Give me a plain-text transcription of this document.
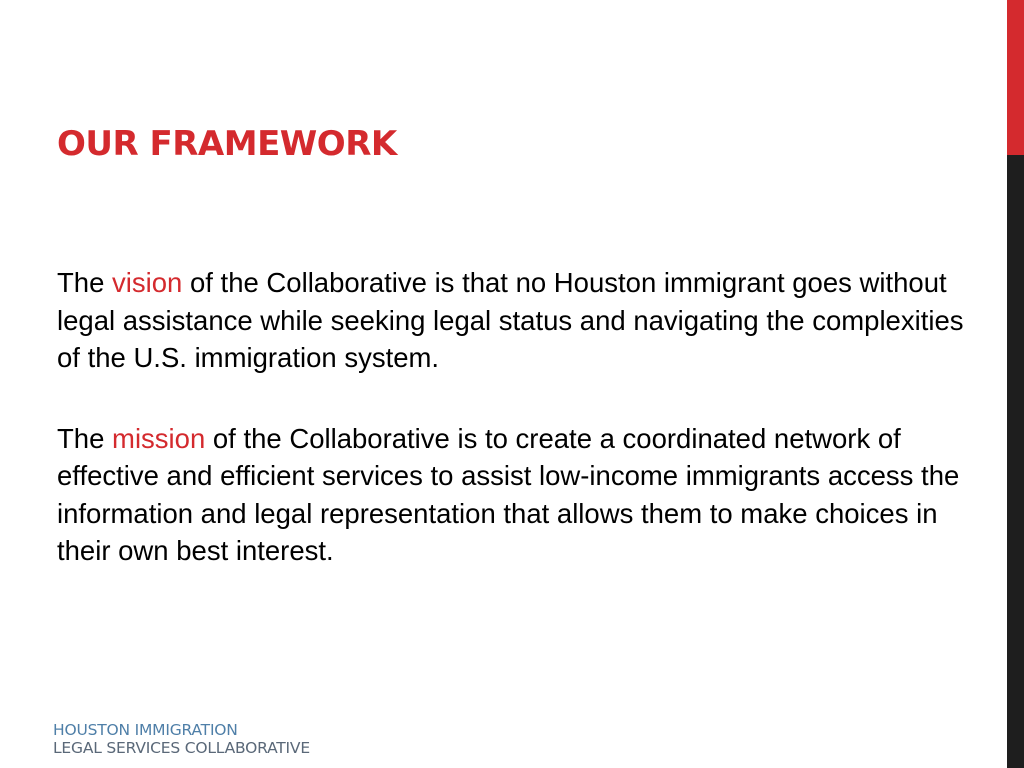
OUR FRAMEWORK

The vision of the Collaborative is that no Houston immigrant goes without legal assistance while seeking legal status and navigating the complexities of the U.S. immigration system.

The mission of the Collaborative is to create a coordinated network of effective and efficient services to assist low-income immigrants access the information and legal representation that allows them to make choices in their own best interest.

HOUSTON IMMIGRATION
LEGAL SERVICES COLLABORATIVE
